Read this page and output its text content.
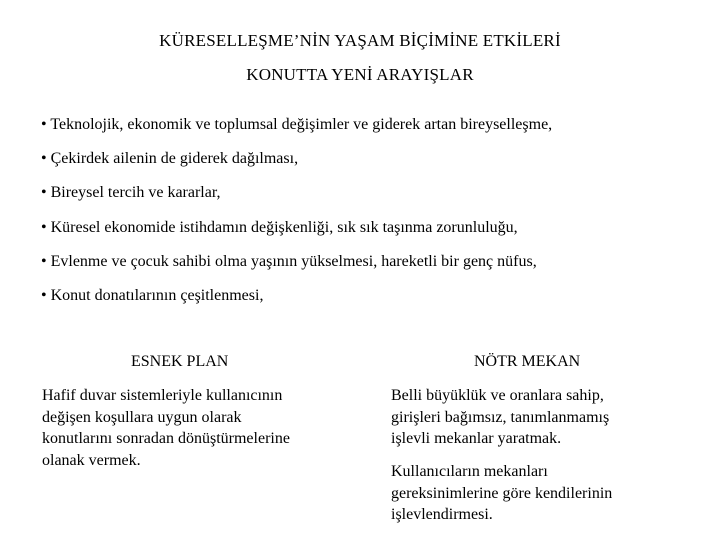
KÜRESELLEŞME’NİN YAŞAM BİÇİMİNE ETKİLERİ
KONUTTA YENİ ARAYIŞLAR
• Teknolojik, ekonomik ve toplumsal değişimler ve giderek artan bireyselleşme,
• Çekirdek ailenin de giderek dağılması,
• Bireysel tercih ve kararlar,
• Küresel ekonomide istihdamın değişkenliği, sık sık taşınma zorunluluğu,
• Evlenme ve çocuk sahibi olma yaşının yükselmesi, hareketli bir genç nüfus,
• Konut donatılarının çeşitlenmesi,
ESNEK PLAN	NÖTR MEKAN
Hafif duvar sistemleriyle kullanıcının
değişen koşullara uygun olarak
konutlarını sonradan dönüştürmelerine
olanak vermek.
Belli büyüklük ve oranlara sahip,
girişleri bağımsız, tanımlanmamış
işlevli mekanlar yaratmak.
Kullanıcıların mekanları
gereksinimlerine göre kendilerinin
işlevlendirmesi.
